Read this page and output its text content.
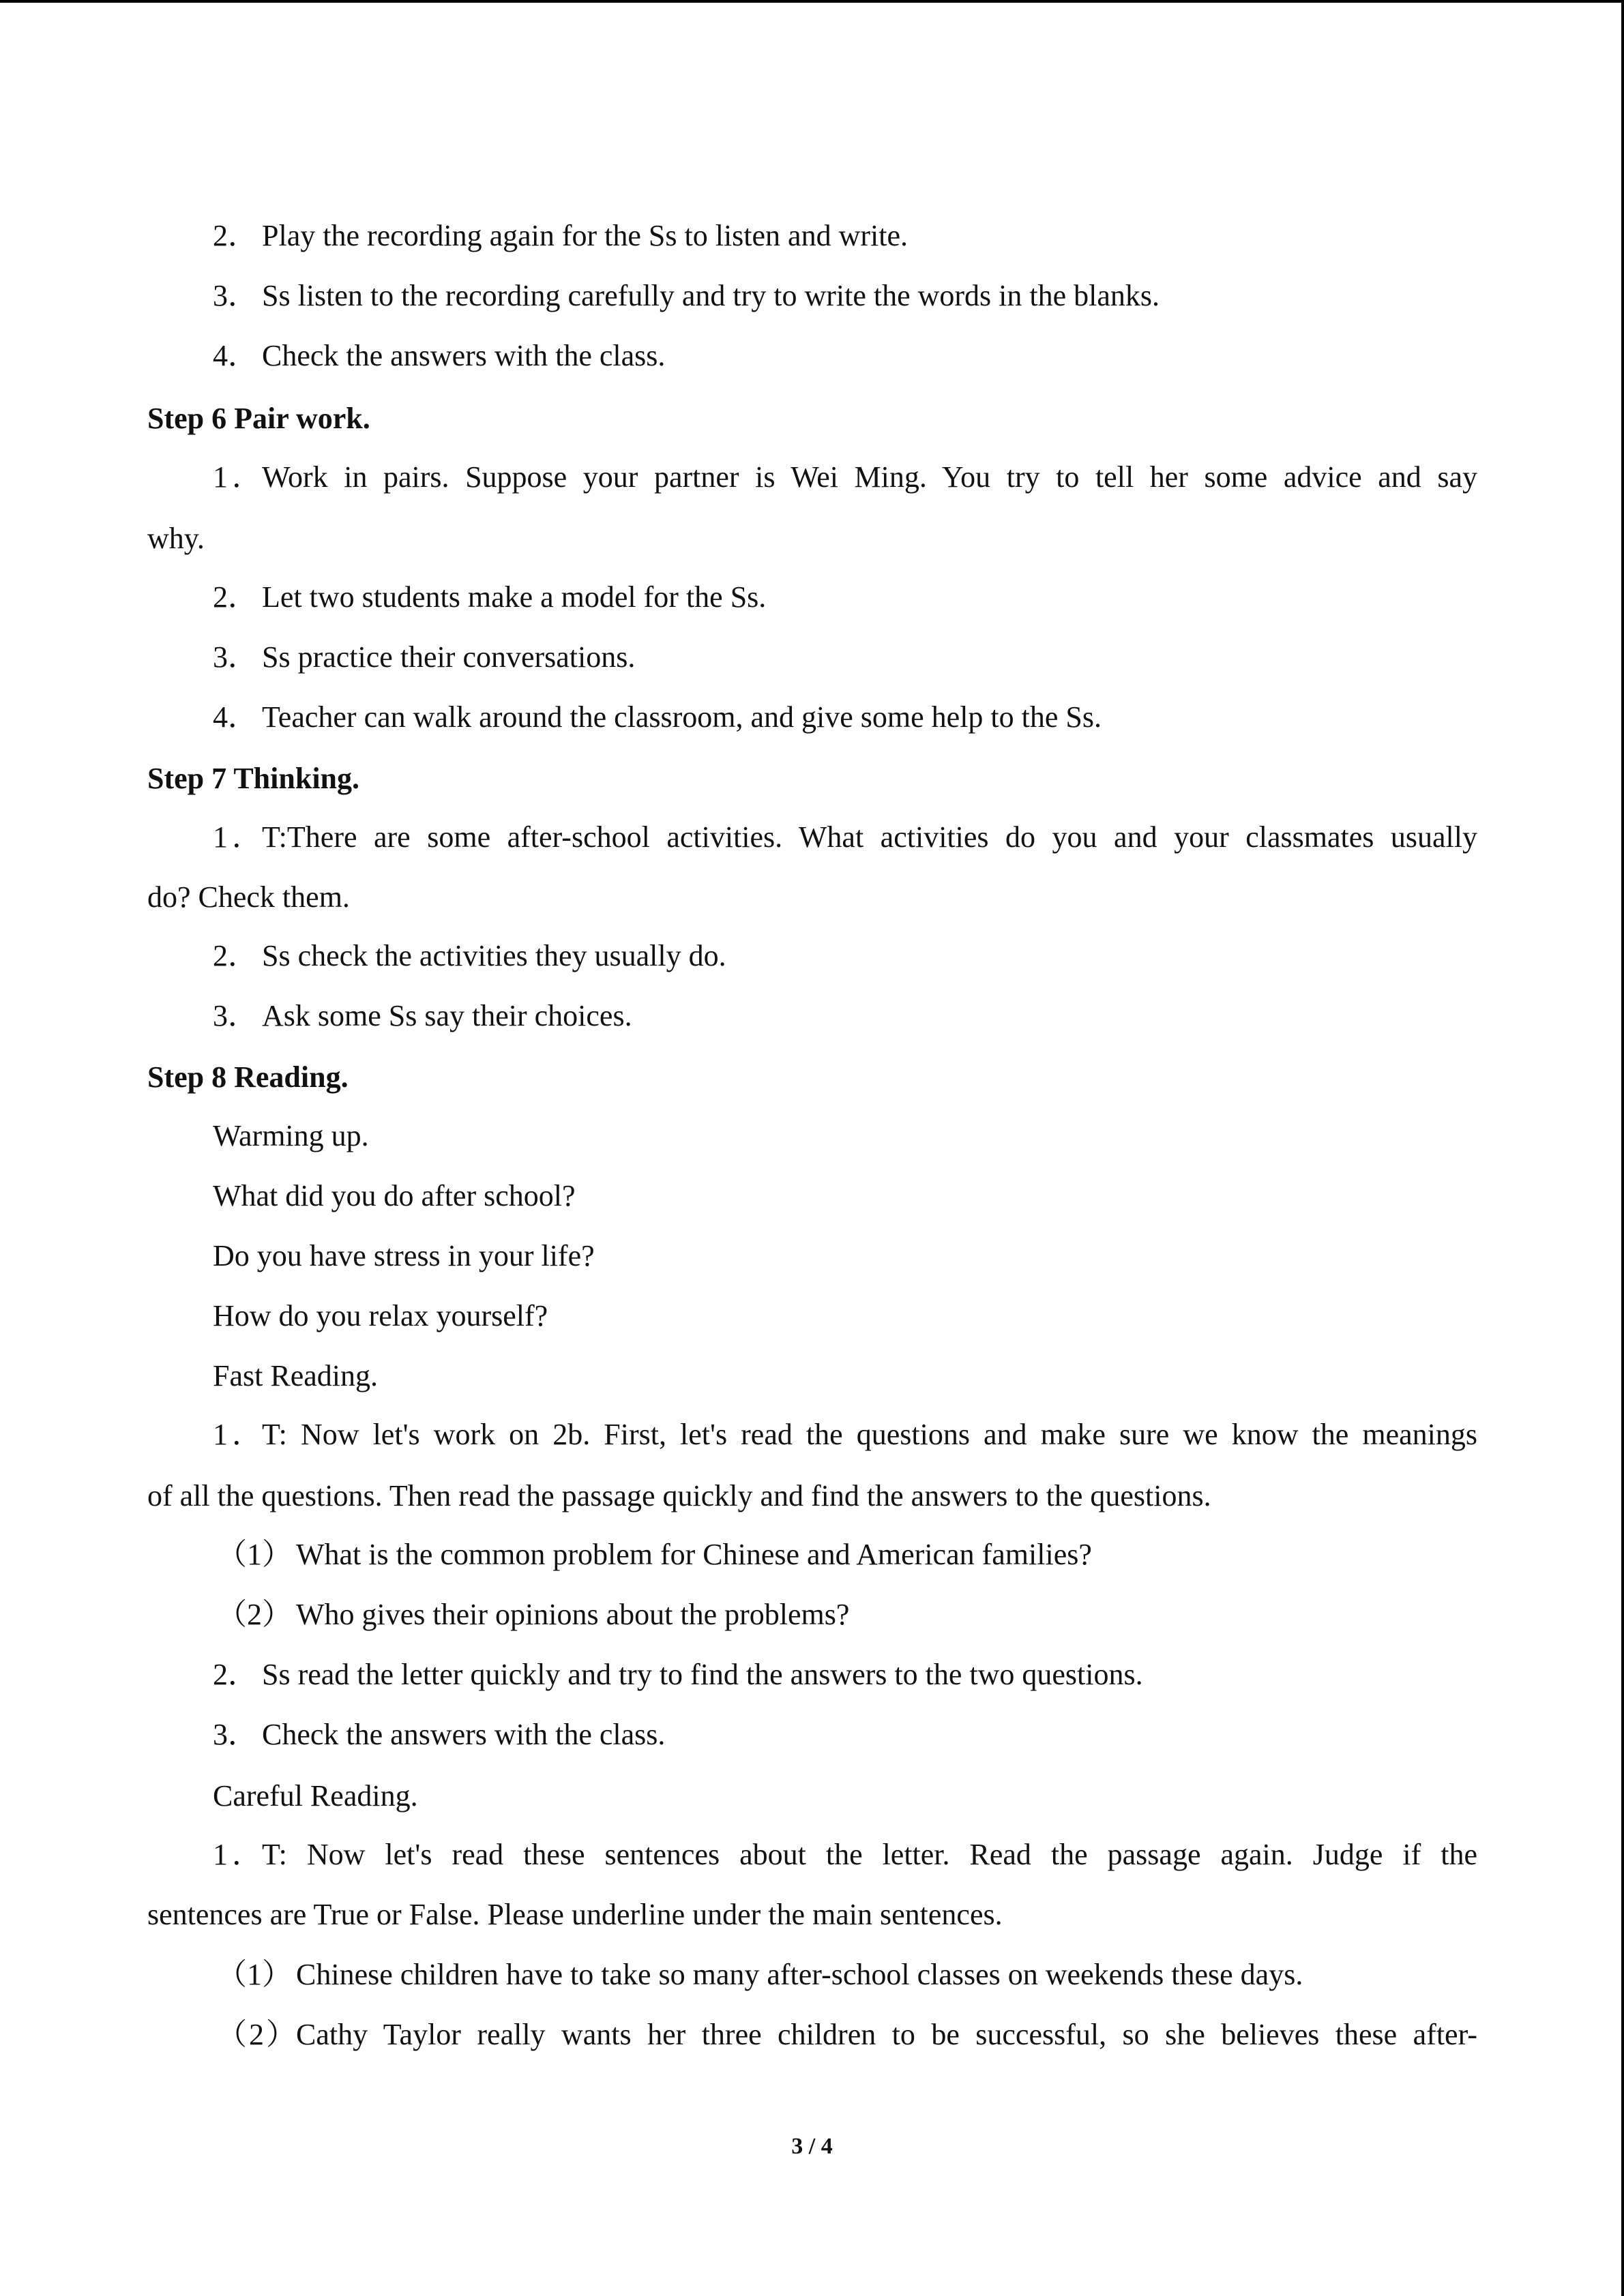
2． Play the recording again for the Ss to listen and write.

3． Ss listen to the recording carefully and try to write the words in the blanks.

4． Check the answers with the class.

Step 6 Pair work.

1．Work in pairs. Suppose your partner is Wei Ming. You try to tell her some advice and say

why.

2． Let two students make a model for the Ss.

3． Ss practice their conversations.

4． Teacher can walk around the classroom, and give some help to the Ss.

Step 7 Thinking.

1．T:There are some after-school activities. What activities do you and your classmates usually

do? Check them.

2． Ss check the activities they usually do.

3． Ask some Ss say their choices.

Step 8 Reading.

Warming up.

What did you do after school?

Do you have stress in your life?

How do you relax yourself?

Fast Reading.

1．T: Now let's work on 2b. First, let's read the questions and make sure we know the meanings

of all the questions. Then read the passage quickly and find the answers to the questions.

（1） What is the common problem for Chinese and American families?

（2） Who gives their opinions about the problems?

2． Ss read the letter quickly and try to find the answers to the two questions.

3． Check the answers with the class.

Careful Reading.

1．T: Now let's read these sentences about the letter. Read the passage again. Judge if the

sentences are True or False. Please underline under the main sentences.

（1） Chinese children have to take so many after-school classes on weekends these days.

（2）Cathy Taylor really wants her three children to be successful, so she believes these after-

3 / 4
